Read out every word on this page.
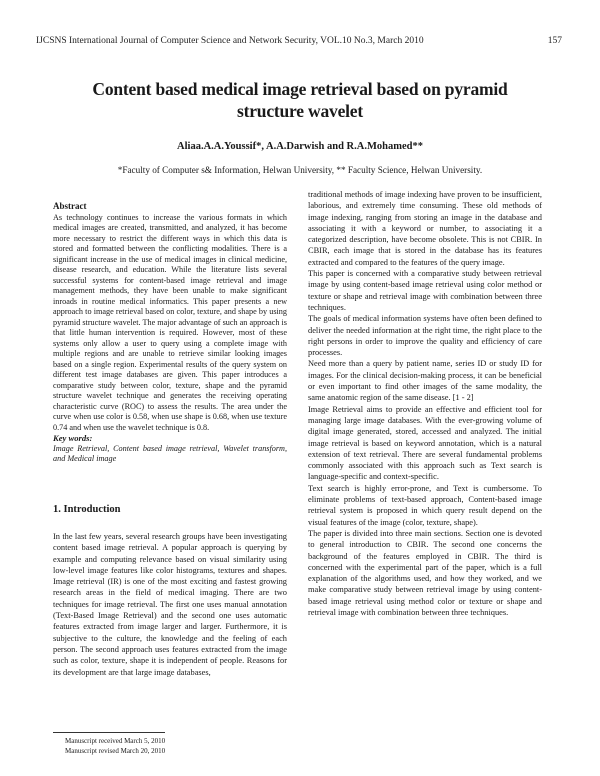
IJCSNS International Journal of Computer Science and Network Security, VOL.10 No.3, March 2010	157
Content based medical image retrieval based on pyramid
structure wavelet
Aliaa.A.A.Youssif*, A.A.Darwish and R.A.Mohamed**
*Faculty of Computer s& Information, Helwan University, ** Faculty Science, Helwan University.
Abstract

As technology continues to increase the various formats in which medical images are created, transmitted, and analyzed, it has become more necessary to restrict the different ways in which this data is stored and formatted between the conflicting modalities. There is a significant increase in the use of medical images in clinical medicine, disease research, and education. While the literature lists several successful systems for content-based image retrieval and image management methods, they have been unable to make significant inroads in routine medical informatics. This paper presents a new approach to image retrieval based on color, texture, and shape by using pyramid structure wavelet. The major advantage of such an approach is that little human intervention is required. However, most of these systems only allow a user to query using a complete image with multiple regions and are unable to retrieve similar looking images based on a single region. Experimental results of the query system on different test image databases are given. This paper introduces a comparative study between color, texture, shape and the pyramid structure wavelet technique and generates the receiving operating characteristic curve (ROC) to assess the results. The area under the curve when use color is 0.58, when use shape is 0.68, when use texture 0.74 and when use the wavelet technique is 0.8.

Key words:

Image Retrieval, Content based image retrieval, Wavelet transform, and Medical image

1. Introduction

In the last few years, several research groups have been investigating content based image retrieval. A popular approach is querying by example and computing relevance based on visual similarity using low-level image features like color histograms, textures and shapes. Image retrieval (IR) is one of the most exciting and fastest growing research areas in the field of medical imaging. There are two techniques for image retrieval. The first one uses manual annotation (Text-Based Image Retrieval) and the second one uses automatic features extracted from image larger and larger. Furthermore, it is subjective to the culture, the knowledge and the feeling of each person. The second approach uses features extracted from the image such as color, texture, shape it is independent of people. Reasons for its development are that large image databases,

traditional methods of image indexing have proven to be insufficient, laborious, and extremely time consuming. These old methods of image indexing, ranging from storing an image in the database and associating it with a keyword or number, to associating it a categorized description, have become obsolete. This is not CBIR. In CBIR, each image that is stored in the database has its features extracted and compared to the features of the query image.

This paper is concerned with a comparative study between retrieval image by using content-based image retrieval using color method or texture or shape and retrieval image with combination between three techniques.

The goals of medical information systems have often been defined to deliver the needed information at the right time, the right place to the right persons in order to improve the quality and efficiency of care processes.

Need more than a query by patient name, series ID or study ID for images. For the clinical decision-making process, it can be beneficial or even important to find other images of the same modality, the same anatomic region of the same disease. [1 - 2]

Image Retrieval aims to provide an effective and efficient tool for managing large image databases. With the ever-growing volume of digital image generated, stored, accessed and analyzed. The initial image retrieval is based on keyword annotation, which is a natural extension of text retrieval. There are several fundamental problems commonly associated with this approach such as Text search is language-specific and context-specific.

Text search is highly error-prone, and Text is cumbersome. To eliminate problems of text-based approach, Content-based image retrieval system is proposed in which query result depend on the visual features of the image (color, texture, shape).

The paper is divided into three main sections. Section one is devoted to general introduction to CBIR. The second one concerns the background of the features employed in CBIR. The third is concerned with the experimental part of the paper, which is a full explanation of the algorithms used, and how they worked, and we make comparative study between retrieval image by using content-based image retrieval using method color or texture or shape and retrieval image with combination between three techniques.

Manuscript received March 5, 2010
Manuscript revised March 20, 2010
